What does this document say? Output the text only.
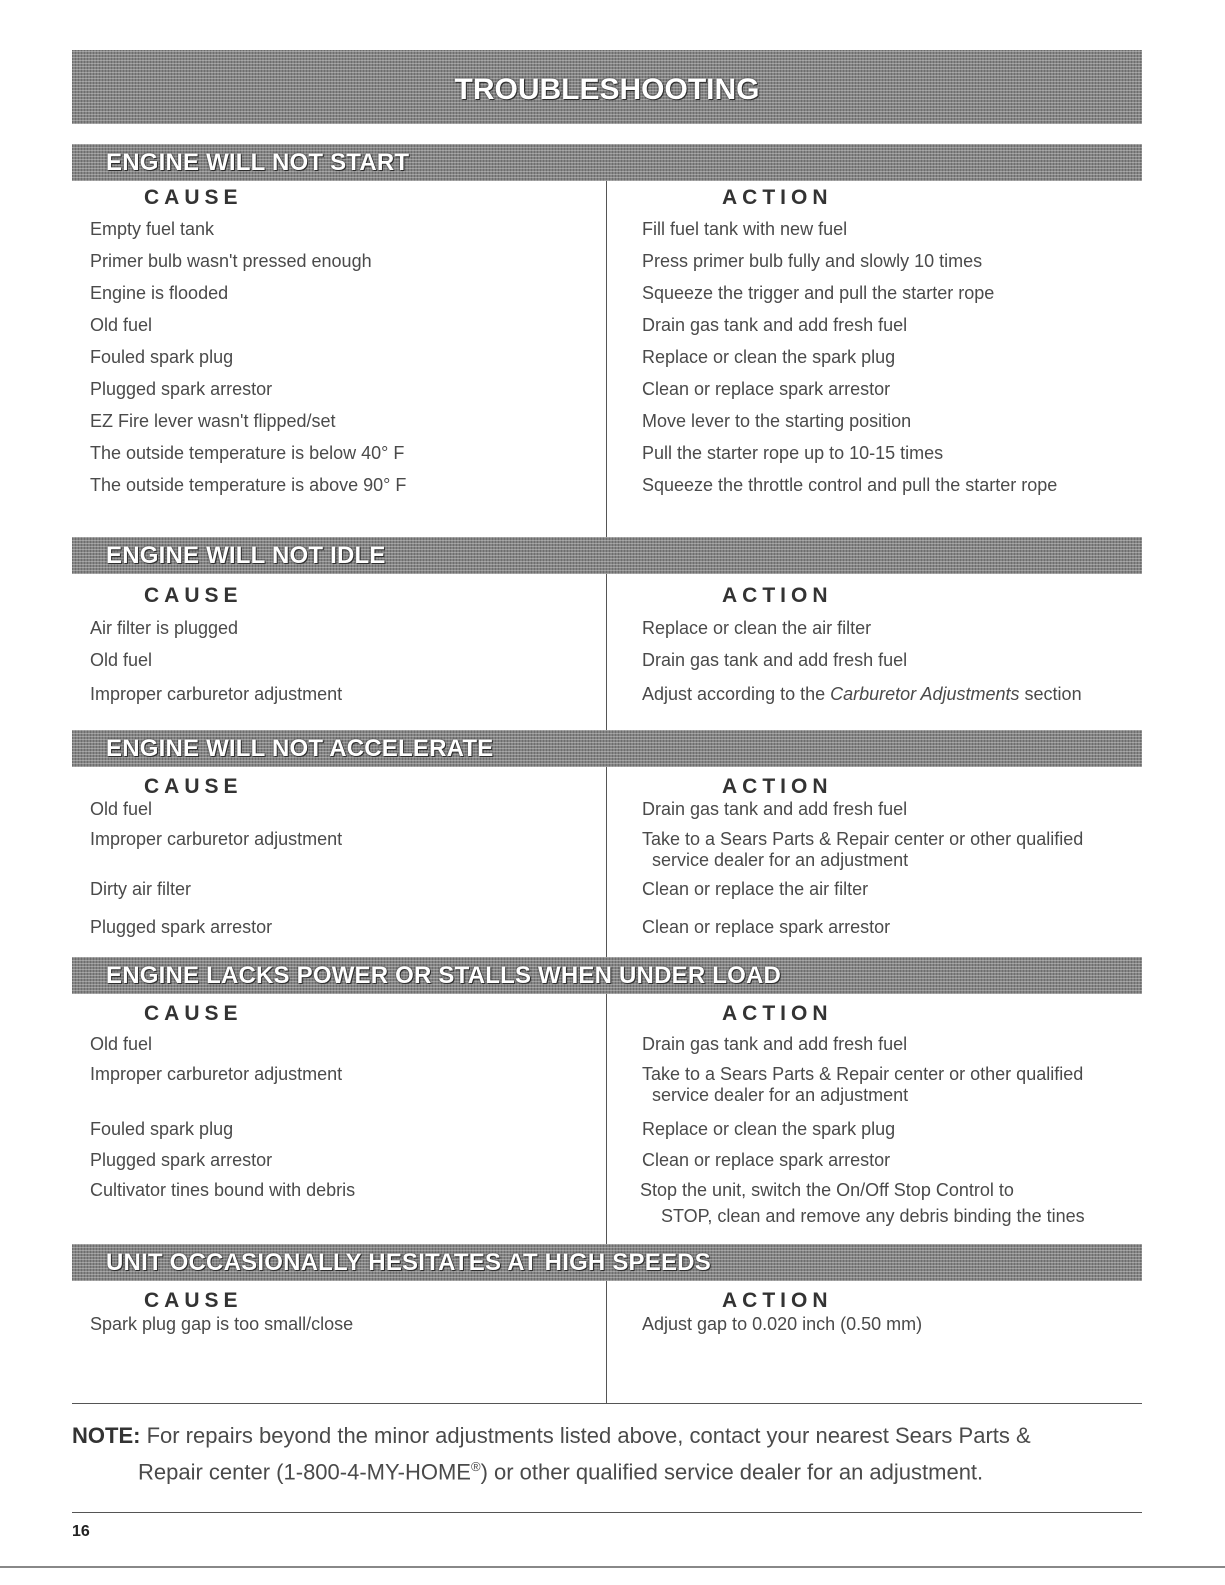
TROUBLESHOOTING
ENGINE WILL NOT START
CAUSE	ACTION
Empty fuel tank	Fill fuel tank with new fuel
Primer bulb wasn't pressed enough	Press primer bulb fully and slowly 10 times
Engine is flooded	Squeeze the trigger and pull the starter rope
Old fuel	Drain gas tank and add fresh fuel
Fouled spark plug	Replace or clean the spark plug
Plugged spark arrestor	Clean or replace spark arrestor
EZ Fire lever wasn't flipped/set	Move lever to the starting position
The outside temperature is below 40° F	Pull the starter rope up to 10-15 times
The outside temperature is above 90° F	Squeeze the throttle control and pull the starter rope
ENGINE WILL NOT IDLE
CAUSE	ACTION
Air filter is plugged	Replace or clean the air filter
Old fuel	Drain gas tank and add fresh fuel
Improper carburetor adjustment	Adjust according to the Carburetor Adjustments section
ENGINE WILL NOT ACCELERATE
CAUSE	ACTION
Old fuel	Drain gas tank and add fresh fuel
Improper carburetor adjustment	Take to a Sears Parts & Repair center or other qualified
service dealer for an adjustment
Dirty air filter	Clean or replace the air filter
Plugged spark arrestor	Clean or replace spark arrestor
ENGINE LACKS POWER OR STALLS WHEN UNDER LOAD
CAUSE	ACTION
Old fuel	Drain gas tank and add fresh fuel
Improper carburetor adjustment	Take to a Sears Parts & Repair center or other qualified
service dealer for an adjustment
Fouled spark plug	Replace or clean the spark plug
Plugged spark arrestor	Clean or replace spark arrestor
Cultivator tines bound with debris	Stop the unit, switch the On/Off Stop Control to
STOP, clean and remove any debris binding the tines
UNIT OCCASIONALLY HESITATES AT HIGH SPEEDS
CAUSE	ACTION
Spark plug gap is too small/close	Adjust gap to 0.020 inch (0.50 mm)
NOTE: For repairs beyond the minor adjustments listed above, contact your nearest Sears Parts &
Repair center (1-800-4-MY-HOME®) or other qualified service dealer for an adjustment.
16
